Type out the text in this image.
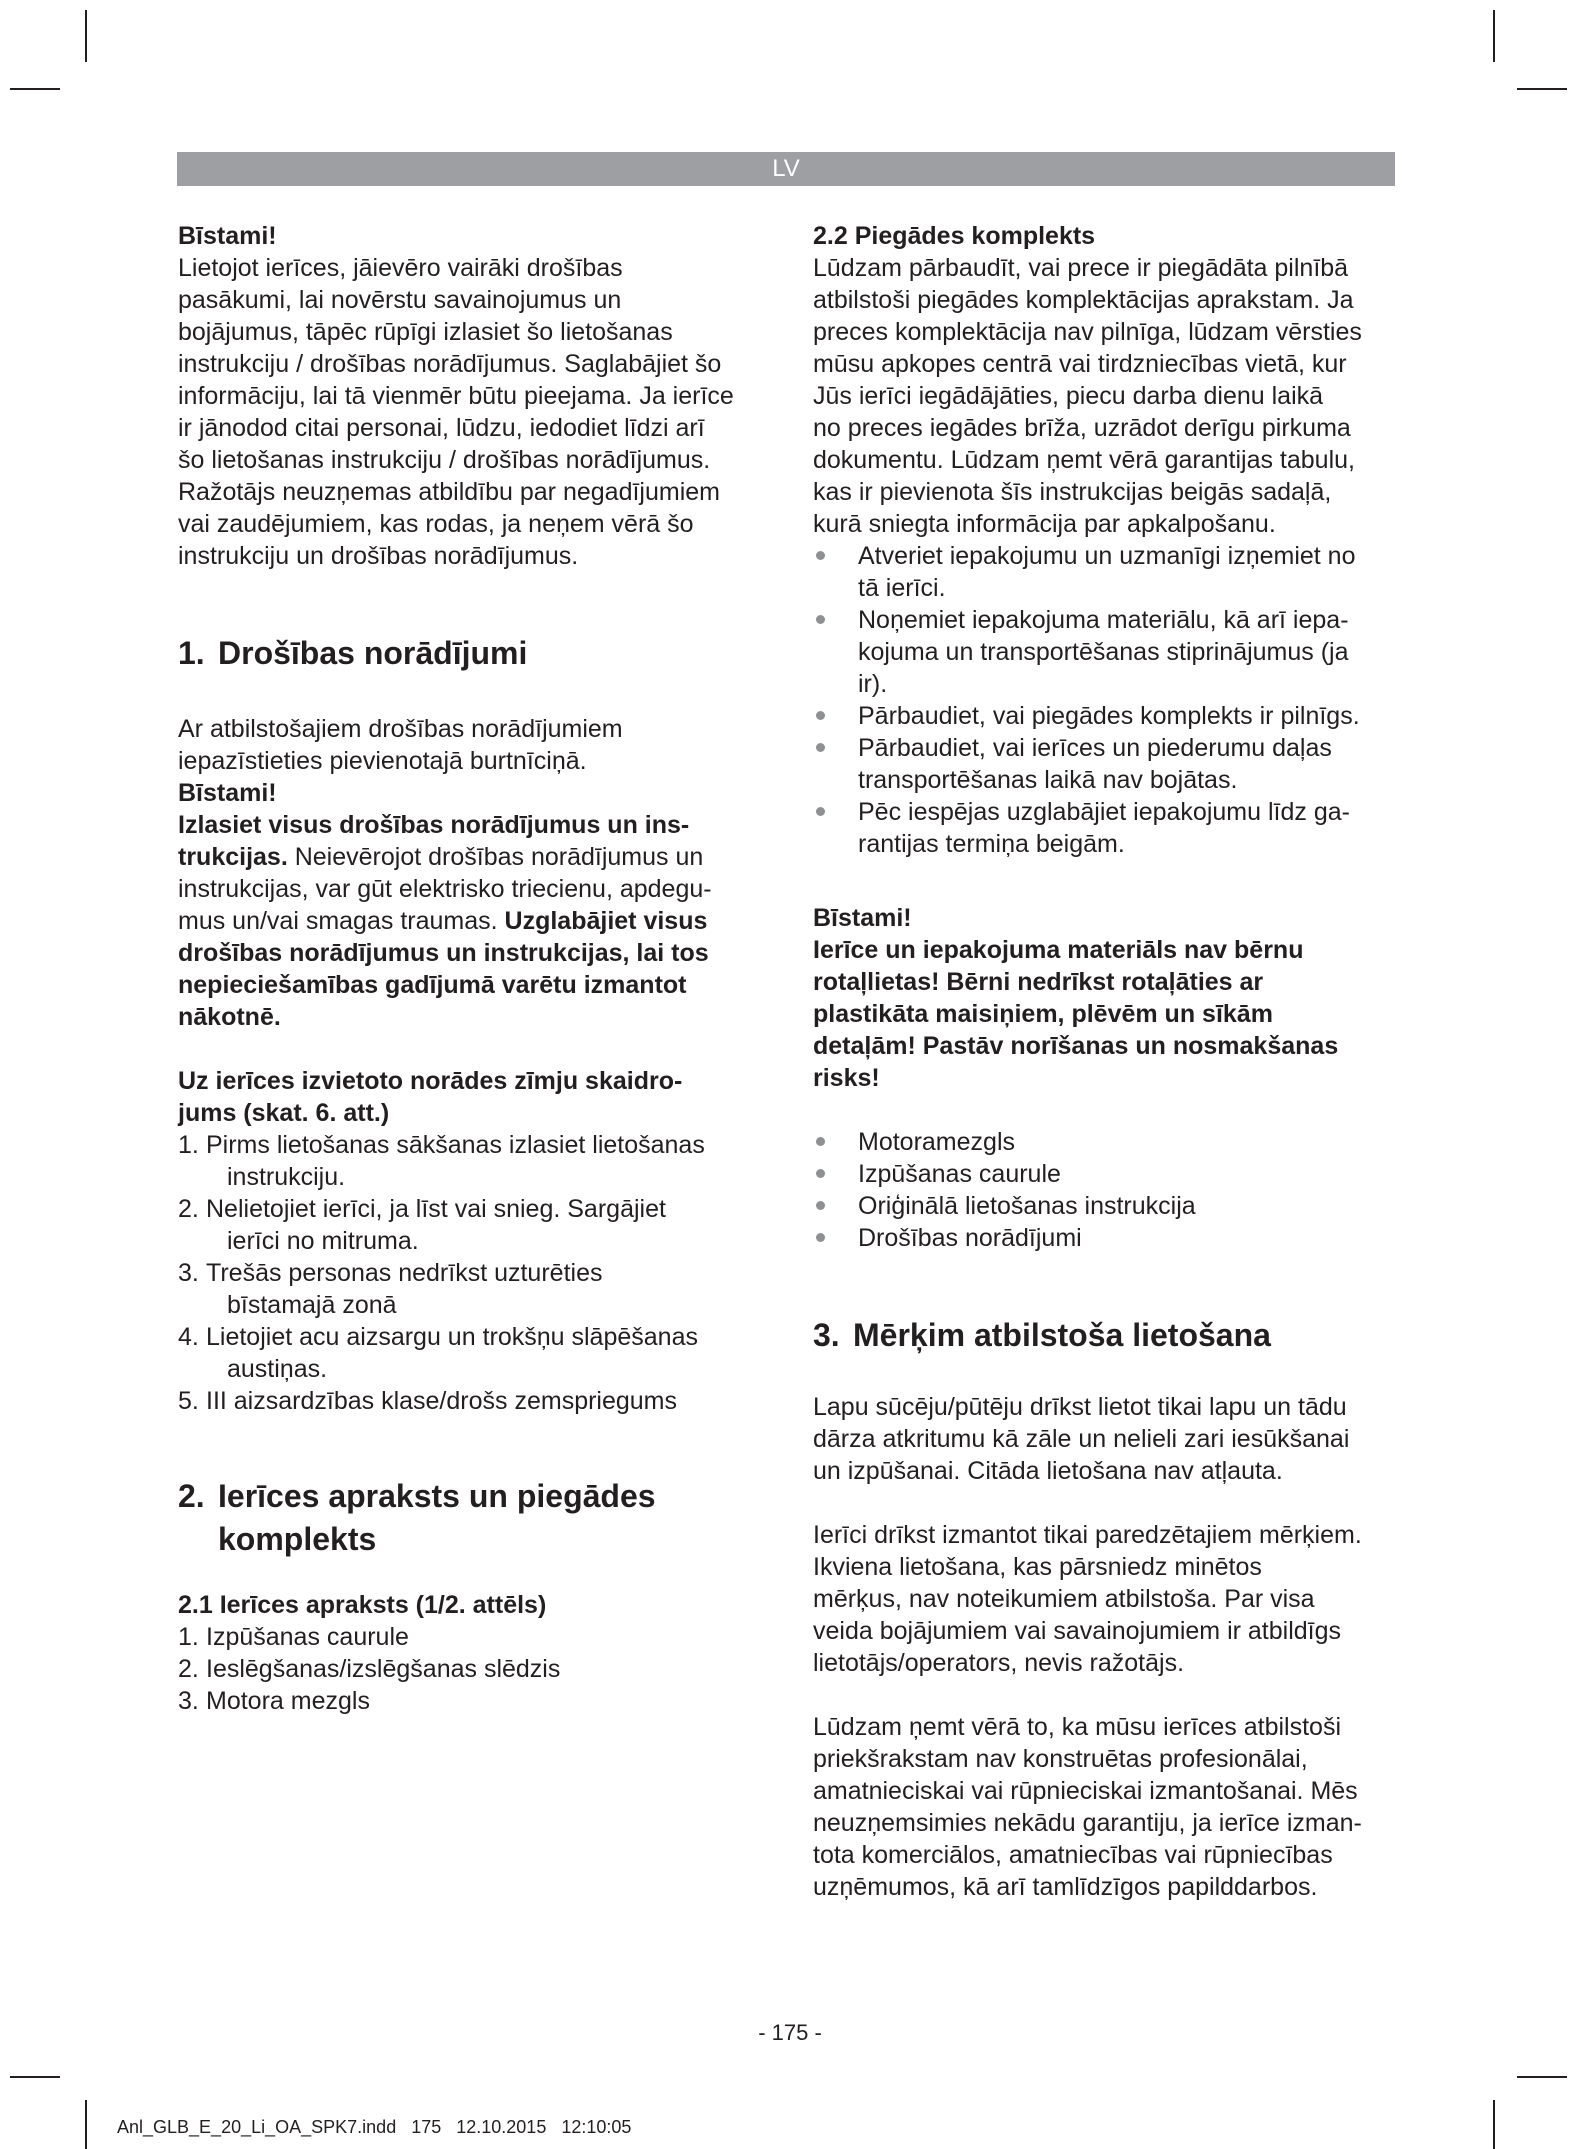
LV

Bīstami!

Lietojot ierīces, jāievēro vairāki drošības
pasākumi, lai novērstu savainojumus un
bojājumus, tāpēc rūpīgi izlasiet šo lietošanas
instrukciju / drošības norādījumus. Saglabājiet šo
informāciju, lai tā vienmēr būtu pieejama. Ja ierīce
ir jānodod citai personai, lūdzu, iedodiet līdzi arī
šo lietošanas instrukciju / drošības norādījumus.
Ražotājs neuzņemas atbildību par negadījumiem
vai zaudējumiem, kas rodas, ja neņem vērā šo
instrukciju un drošības norādījumus.
1. Drošības norādījumi
Ar atbilstošajiem drošības norādījumiem
iepazīstieties pievienotajā burtnīciņā.

Bīstami!

Izlasiet visus drošības norādījumus un ins-
trukcijas. Neievērojot drošības norādījumus un
instrukcijas, var gūt elektrisko triecienu, apdegu-
mus un/vai smagas traumas. Uzglabājiet visus
drošības norādījumus un instrukcijas, lai tos
nepieciešamības gadījumā varētu izmantot
nākotnē.
Uz ierīces izvietoto norādes zīmju skaidro-
jums (skat. 6. att.)
1. Pirms lietošanas sākšanas izlasiet lietošanas
instrukciju.
2. Nelietojiet ierīci, ja līst vai snieg. Sargājiet
ierīci no mitruma.
3. Trešās personas nedrīkst uzturēties
bīstamajā zonā
4. Lietojiet acu aizsargu un trokšņu slāpēšanas
austiņas.
5. III aizsardzības klase/drošs zemspriegums
2. Ierīces apraksts un piegādes
komplekts

2.1 Ierīces apraksts (1/2. attēls)

1. Izpūšanas caurule
2. Ieslēgšanas/izslēgšanas slēdzis
3. Motora mezgls

2.2 Piegādes komplekts

Lūdzam pārbaudīt, vai prece ir piegādāta pilnībā
atbilstoši piegādes komplektācijas aprakstam. Ja
preces komplektācija nav pilnīga, lūdzam vērsties
mūsu apkopes centrā vai tirdzniecības vietā, kur
Jūs ierīci iegādājāties, piecu darba dienu laikā
no preces iegādes brīža, uzrādot derīgu pirkuma
dokumentu. Lūdzam ņemt vērā garantijas tabulu,
kas ir pievienota šīs instrukcijas beigās sadaļā,
kurā sniegta informācija par apkalpošanu.
Atveriet iepakojumu un uzmanīgi izņemiet no
tā ierīci.
Noņemiet iepakojuma materiālu, kā arī iepa-
kojuma un transportēšanas stiprinājumus (ja
ir).
Pārbaudiet, vai piegādes komplekts ir pilnīgs.
Pārbaudiet, vai ierīces un piederumu daļas
transportēšanas laikā nav bojātas.
Pēc iespējas uzglabājiet iepakojumu līdz ga-
rantijas termiņa beigām.

Bīstami!

Ierīce un iepakojuma materiāls nav bērnu
rotaļlietas! Bērni nedrīkst rotaļāties ar
plastikāta maisiņiem, plēvēm un sīkām
detaļām! Pastāv norīšanas un nosmakšanas
risks!
Motoramezgls
Izpūšanas caurule
Oriģinālā lietošanas instrukcija
Drošības norādījumi
3. Mērķim atbilstoša lietošana
Lapu sūcēju/pūtēju drīkst lietot tikai lapu un tādu
dārza atkritumu kā zāle un nelieli zari iesūkšanai
un izpūšanai. Citāda lietošana nav atļauta.
Ierīci drīkst izmantot tikai paredzētajiem mērķiem.
Ikviena lietošana, kas pārsniedz minētos
mērķus, nav noteikumiem atbilstoša. Par visa
veida bojājumiem vai savainojumiem ir atbildīgs
lietotājs/operators, nevis ražotājs.
Lūdzam ņemt vērā to, ka mūsu ierīces atbilstoši
priekšrakstam nav konstruētas profesionālai,
amatnieciskai vai rūpnieciskai izmantošanai. Mēs
neuzņemsimies nekādu garantiju, ja ierīce izman-
tota komerciālos, amatniecības vai rūpniecības
uzņēmumos, kā arī tamlīdzīgos papilddarbos.
- 175 -
Anl_GLB_E_20_Li_OA_SPK7.indd   175   12.10.2015   12:10:05
